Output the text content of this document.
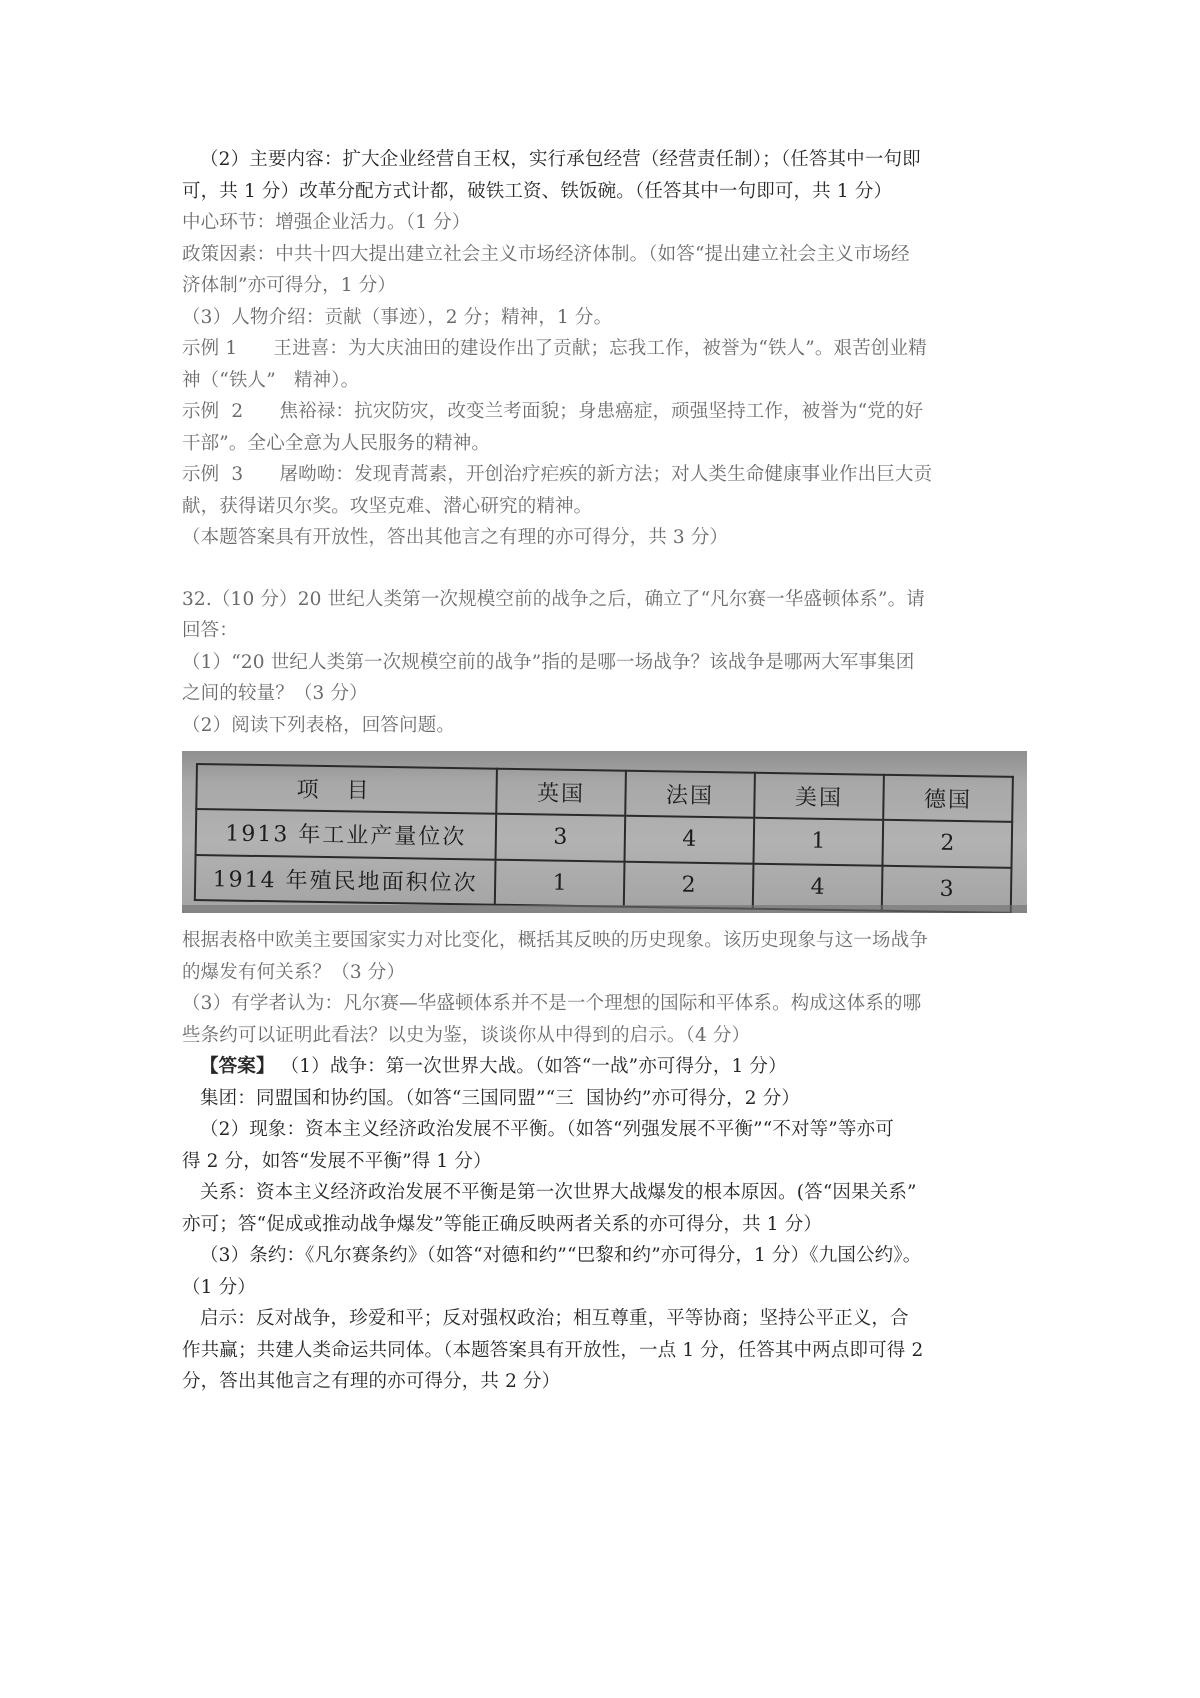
（2）主要内容：扩大企业经营自王权，实行承包经营（经营责任制）；（任答其中一句即

可，共 1 分）改革分配方式计都，破铁工资、铁饭碗。（任答其中一句即可，共 1 分）

中心环节：增强企业活力。（1 分）

政策因素：中共十四大提出建立社会主义市场经济体制。（如答“提出建立社会主义市场经

济体制”亦可得分，1 分）

（3）人物介绍：贡献（事迹），2 分；精神，1 分。

示例 1      王进喜：为大庆油田的建设作出了贡献；忘我工作，被誉为“铁人”。艰苦创业精

神（“铁人”   精神）。

示例  2      焦裕禄：抗灾防灾，改变兰考面貌；身患癌症，顽强坚持工作，被誉为“党的好

干部”。全心全意为人民服务的精神。

示例  3      屠呦呦：发现青蒿素，开创治疗疟疾的新方法；对人类生命健康事业作出巨大贡

献，获得诺贝尔奖。攻坚克难、潜心研究的精神。

（本题答案具有开放性，答出其他言之有理的亦可得分，共 3 分）

32.（10 分）20 世纪人类第一次规模空前的战争之后，确立了“凡尔赛一华盛顿体系”。请

回答：

（1）“20 世纪人类第一次规模空前的战争”指的是哪一场战争？该战争是哪两大军事集团

之间的较量？（3 分）

（2）阅读下列表格，回答问题。

项目	英国	法国	美国	德国
1913 年工业产量位次	3	4	1	2
1914 年殖民地面积位次	1	2	4	3

根据表格中欧美主要国家实力对比变化，概括其反映的历史现象。该历史现象与这一场战争

的爆发有何关系？（3 分）

（3）有学者认为：凡尔赛—华盛顿体系并不是一个理想的国际和平体系。构成这体系的哪

些条约可以证明此看法？以史为鉴，谈谈你从中得到的启示。（4 分）

【答案】 （1）战争：第一次世界大战。（如答“一战”亦可得分，1 分）

集团：同盟国和协约国。（如答“三国同盟”“三  国协约”亦可得分，2 分）

（2）现象：资本主义经济政治发展不平衡。（如答“列强发展不平衡”“不对等”等亦可

得 2 分，如答“发展不平衡”得 1 分）

关系：资本主义经济政治发展不平衡是第一次世界大战爆发的根本原因。(答“因果关系”

亦可；答“促成或推动战争爆发”等能正确反映两者关系的亦可得分，共 1 分）

（3）条约：《凡尔赛条约》（如答“对德和约”“巴黎和约”亦可得分，1 分）《九国公约》。

（1 分）

启示：反对战争，珍爱和平；反对强权政治；相互尊重，平等协商；坚持公平正义，合

作共赢；共建人类命运共同体。（本题答案具有开放性，一点 1 分，任答其中两点即可得 2

分，答出其他言之有理的亦可得分，共 2 分）
